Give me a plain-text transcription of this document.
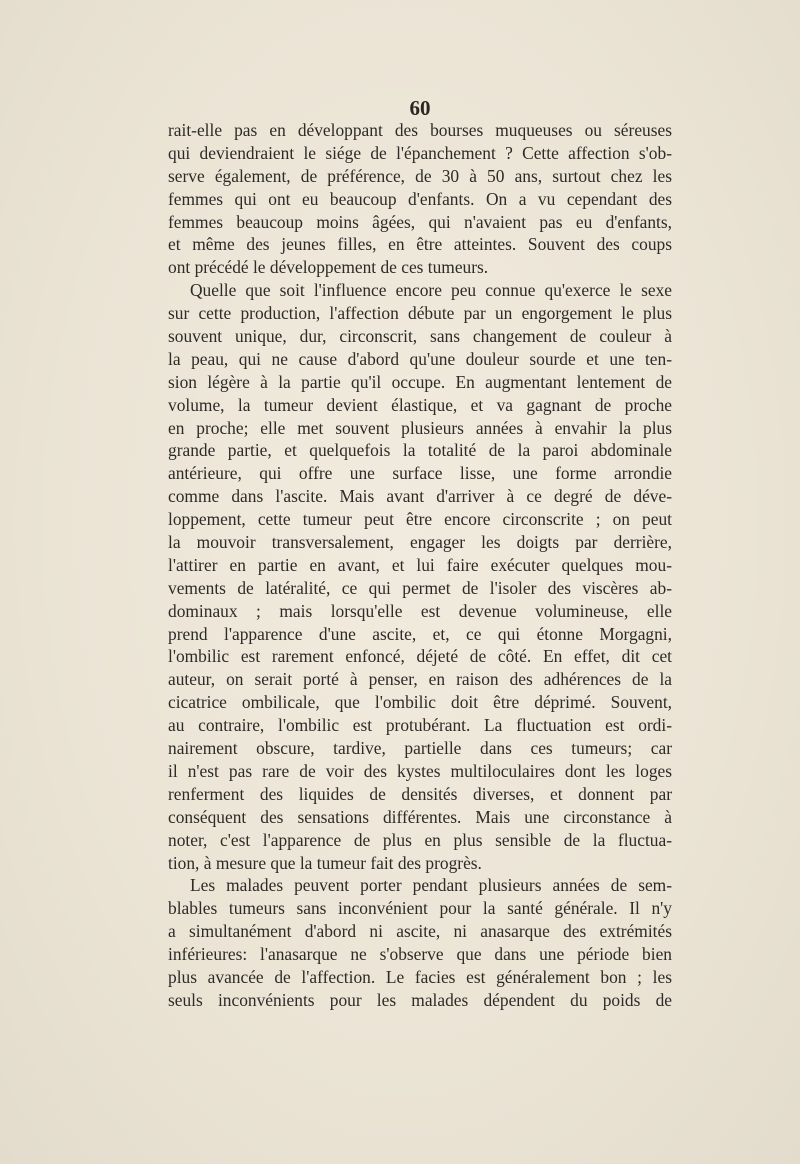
60
rait-elle pas en développant des bourses muqueuses ou séreuses
qui deviendraient le siége de l'épanchement ? Cette affection s'ob-
serve également, de préférence, de 30 à 50 ans, surtout chez les
femmes qui ont eu beaucoup d'enfants. On a vu cependant des
femmes beaucoup moins âgées, qui n'avaient pas eu d'enfants,
et même des jeunes filles, en être atteintes. Souvent des coups
ont précédé le développement de ces tumeurs.
Quelle que soit l'influence encore peu connue qu'exerce le sexe
sur cette production, l'affection débute par un engorgement le plus
souvent unique, dur, circonscrit, sans changement de couleur à
la peau, qui ne cause d'abord qu'une douleur sourde et une ten-
sion légère à la partie qu'il occupe. En augmentant lentement de
volume, la tumeur devient élastique, et va gagnant de proche
en proche; elle met souvent plusieurs années à envahir la plus
grande partie, et quelquefois la totalité de la paroi abdominale
antérieure, qui offre une surface lisse, une forme arrondie
comme dans l'ascite. Mais avant d'arriver à ce degré de déve-
loppement, cette tumeur peut être encore circonscrite ; on peut
la mouvoir transversalement, engager les doigts par derrière,
l'attirer en partie en avant, et lui faire exécuter quelques mou-
vements de latéralité, ce qui permet de l'isoler des viscères ab-
dominaux ; mais lorsqu'elle est devenue volumineuse, elle
prend l'apparence d'une ascite, et, ce qui étonne Morgagni,
l'ombilic est rarement enfoncé, déjeté de côté. En effet, dit cet
auteur, on serait porté à penser, en raison des adhérences de la
cicatrice ombilicale, que l'ombilic doit être déprimé. Souvent,
au contraire, l'ombilic est protubérant. La fluctuation est ordi-
nairement obscure, tardive, partielle dans ces tumeurs; car
il n'est pas rare de voir des kystes multiloculaires dont les loges
renferment des liquides de densités diverses, et donnent par
conséquent des sensations différentes. Mais une circonstance à
noter, c'est l'apparence de plus en plus sensible de la fluctua-
tion, à mesure que la tumeur fait des progrès.
Les malades peuvent porter pendant plusieurs années de sem-
blables tumeurs sans inconvénient pour la santé générale. Il n'y
a simultanément d'abord ni ascite, ni anasarque des extrémités
inférieures: l'anasarque ne s'observe que dans une période bien
plus avancée de l'affection. Le facies est généralement bon ; les
seuls inconvénients pour les malades dépendent du poids de
